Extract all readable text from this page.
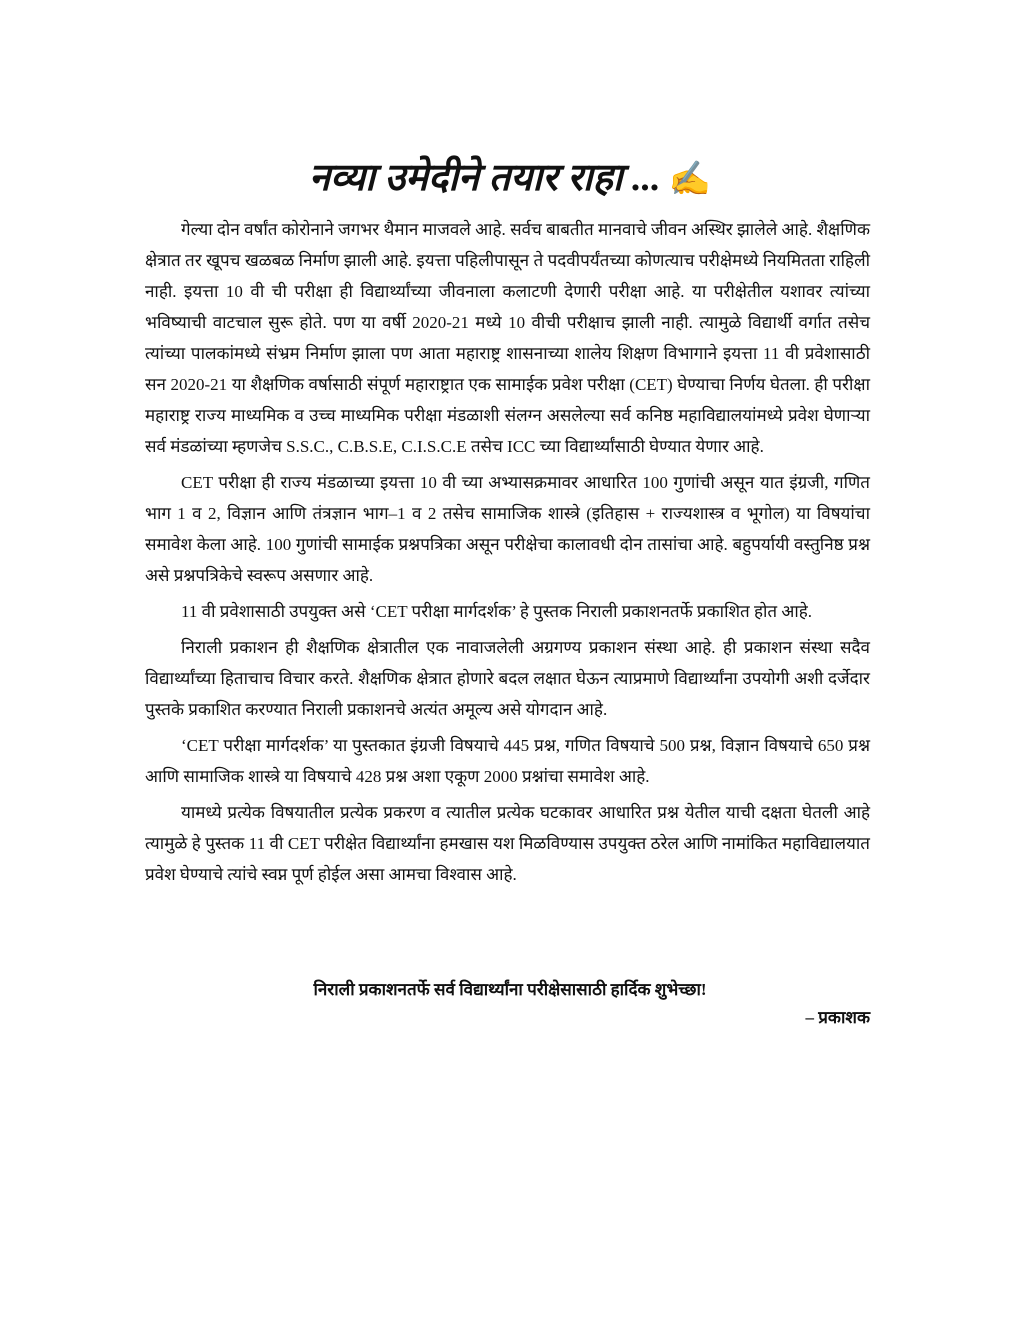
नव्या उमेदीने तयार राहा ... ✍

गेल्या दोन वर्षांत कोरोनाने जगभर थैमान माजवले आहे. सर्वच बाबतीत मानवाचे जीवन अस्थिर झालेले आहे. शैक्षणिक क्षेत्रात तर खूपच खळबळ निर्माण झाली आहे. इयत्ता पहिलीपासून ते पदवीपर्यंतच्या कोणत्याच परीक्षेमध्ये नियमितता राहिली नाही. इयत्ता 10 वी ची परीक्षा ही विद्यार्थ्यांच्या जीवनाला कलाटणी देणारी परीक्षा आहे. या परीक्षेतील यशावर त्यांच्या भविष्याची वाटचाल सुरू होते. पण या वर्षी 2020-21 मध्ये 10 वीची परीक्षाच झाली नाही. त्यामुळे विद्यार्थी वर्गात तसेच त्यांच्या पालकांमध्ये संभ्रम निर्माण झाला पण आता महाराष्ट्र शासनाच्या शालेय शिक्षण विभागाने इयत्ता 11 वी प्रवेशासाठी सन 2020-21 या शैक्षणिक वर्षासाठी संपूर्ण महाराष्ट्रात एक सामाईक प्रवेश परीक्षा (CET) घेण्याचा निर्णय घेतला. ही परीक्षा महाराष्ट्र राज्य माध्यमिक व उच्च माध्यमिक परीक्षा मंडळाशी संलग्न असलेल्या सर्व कनिष्ठ महाविद्यालयांमध्ये प्रवेश घेणाऱ्या सर्व मंडळांच्या म्हणजेच S.S.C., C.B.S.E, C.I.S.C.E तसेच ICC च्या विद्यार्थ्यांसाठी घेण्यात येणार आहे.

CET परीक्षा ही राज्य मंडळाच्या इयत्ता 10 वी च्या अभ्यासक्रमावर आधारित 100 गुणांची असून यात इंग्रजी, गणित भाग 1 व 2, विज्ञान आणि तंत्रज्ञान भाग–1 व 2 तसेच सामाजिक शास्त्रे (इतिहास + राज्यशास्त्र व भूगोल) या विषयांचा समावेश केला आहे. 100 गुणांची सामाईक प्रश्नपत्रिका असून परीक्षेचा कालावधी दोन तासांचा आहे. बहुपर्यायी वस्तुनिष्ठ प्रश्न असे प्रश्नपत्रिकेचे स्वरूप असणार आहे.

11 वी प्रवेशासाठी उपयुक्त असे ‘CET परीक्षा मार्गदर्शक’ हे पुस्तक निराली प्रकाशनतर्फे प्रकाशित होत आहे.

निराली प्रकाशन ही शैक्षणिक क्षेत्रातील एक नावाजलेली अग्रगण्य प्रकाशन संस्था आहे. ही प्रकाशन संस्था सदैव विद्यार्थ्यांच्या हिताचाच विचार करते. शैक्षणिक क्षेत्रात होणारे बदल लक्षात घेऊन त्याप्रमाणे विद्यार्थ्यांना उपयोगी अशी दर्जेदार पुस्तके प्रकाशित करण्यात निराली प्रकाशनचे अत्यंत अमूल्य असे योगदान आहे.

‘CET परीक्षा मार्गदर्शक’ या पुस्तकात इंग्रजी विषयाचे 445 प्रश्न, गणित विषयाचे 500 प्रश्न, विज्ञान विषयाचे 650 प्रश्न आणि सामाजिक शास्त्रे या विषयाचे 428 प्रश्न अशा एकूण 2000 प्रश्नांचा समावेश आहे.

यामध्ये प्रत्येक विषयातील प्रत्येक प्रकरण व त्यातील प्रत्येक घटकावर आधारित प्रश्न येतील याची दक्षता घेतली आहे त्यामुळे हे पुस्तक 11 वी CET परीक्षेत विद्यार्थ्यांना हमखास यश मिळविण्यास उपयुक्त ठरेल आणि नामांकित महाविद्यालयात प्रवेश घेण्याचे त्यांचे स्वप्न पूर्ण होईल असा आमचा विश्वास आहे.

निराली प्रकाशनतर्फे सर्व विद्यार्थ्यांना परीक्षेसासाठी हार्दिक शुभेच्छा!
– प्रकाशक
